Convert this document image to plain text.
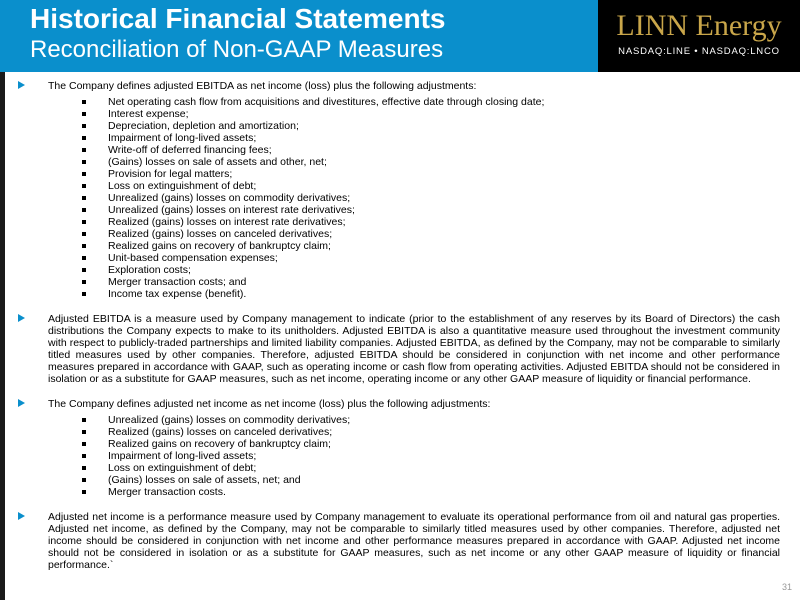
Historical Financial Statements
Reconciliation of Non-GAAP Measures
LINN Energy
NASDAQ:LINE • NASDAQ:LNCO
The Company defines adjusted EBITDA as net income (loss) plus the following adjustments:
Net operating cash flow from acquisitions and divestitures, effective date through closing date;
Interest expense;
Depreciation, depletion and amortization;
Impairment of long-lived assets;
Write-off of deferred financing fees;
(Gains) losses on sale of assets and other, net;
Provision for legal matters;
Loss on extinguishment of debt;
Unrealized (gains) losses on commodity derivatives;
Unrealized (gains) losses on interest rate derivatives;
Realized (gains) losses on interest rate derivatives;
Realized (gains) losses on canceled derivatives;
Realized gains on recovery of bankruptcy claim;
Unit-based compensation expenses;
Exploration costs;
Merger transaction costs; and
Income tax expense (benefit).
Adjusted EBITDA is a measure used by Company management to indicate (prior to the establishment of any reserves by its Board of Directors) the cash distributions the Company expects to make to its unitholders. Adjusted EBITDA is also a quantitative measure used throughout the investment community with respect to publicly-traded partnerships and limited liability companies. Adjusted EBITDA, as defined by the Company, may not be comparable to similarly titled measures used by other companies. Therefore, adjusted EBITDA should be considered in conjunction with net income and other performance measures prepared in accordance with GAAP, such as operating income or cash flow from operating activities. Adjusted EBITDA should not be considered in isolation or as a substitute for GAAP measures, such as net income, operating income or any other GAAP measure of liquidity or financial performance.
The Company defines adjusted net income as net income (loss) plus the following adjustments:
Unrealized (gains) losses on commodity derivatives;
Realized (gains) losses on canceled derivatives;
Realized gains on recovery of bankruptcy claim;
Impairment of long-lived assets;
Loss on extinguishment of debt;
(Gains) losses on sale of assets, net; and
Merger transaction costs.
Adjusted net income is a performance measure used by Company management to evaluate its operational performance from oil and natural gas properties. Adjusted net income, as defined by the Company, may not be comparable to similarly titled measures used by other companies. Therefore, adjusted net income should be considered in conjunction with net income and other performance measures prepared in accordance with GAAP. Adjusted net income should not be considered in isolation or as a substitute for GAAP measures, such as net income or any other GAAP measure of liquidity or financial performance.`
31
